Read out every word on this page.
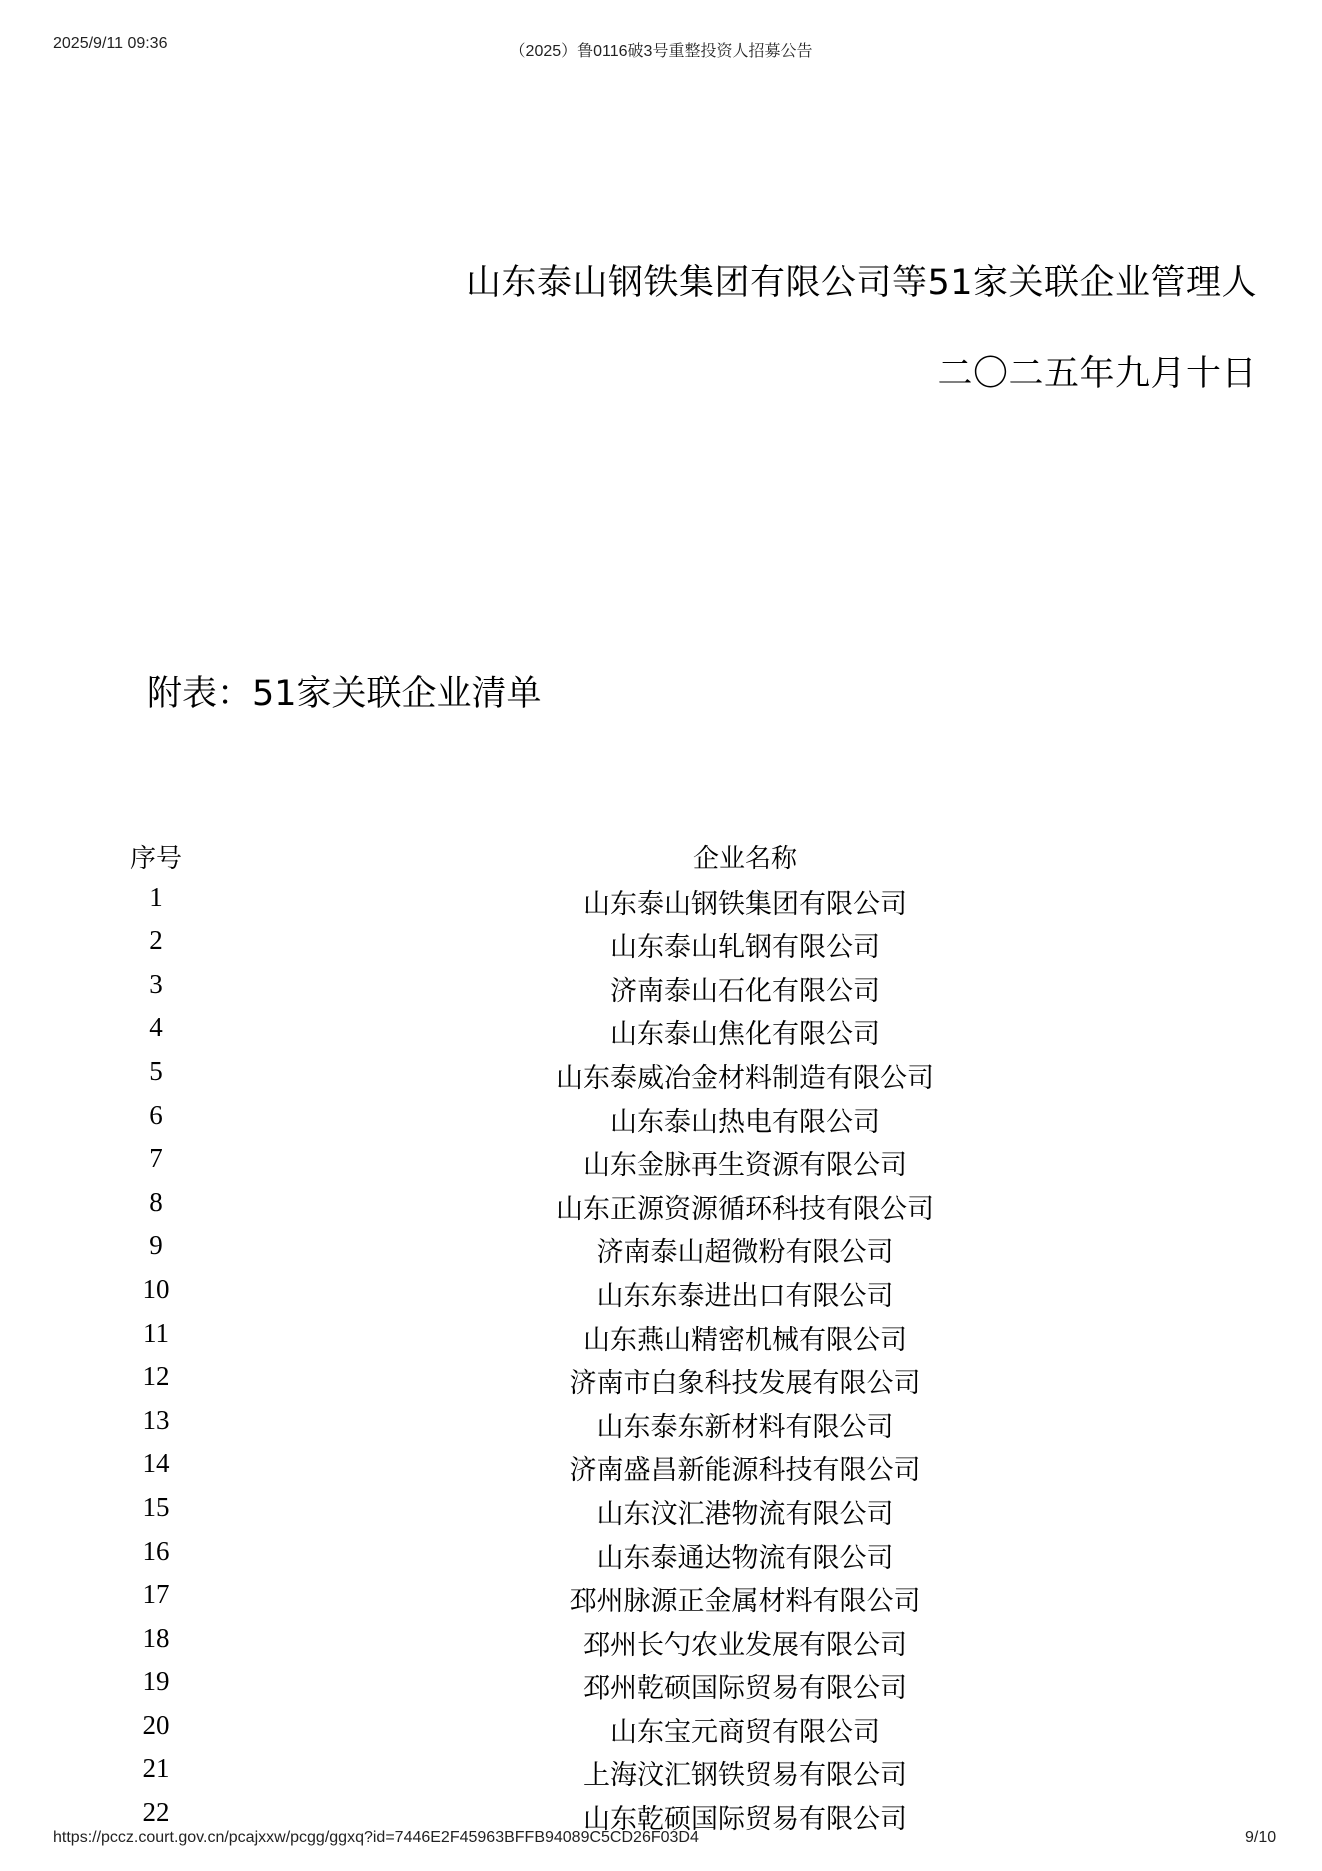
2025/9/11 09:36	（2025）鲁0116破3号重整投资人招募公告
山东泰山钢铁集团有限公司等51家关联企业管理人
二〇二五年九月十日
附表：51家关联企业清单
序号	企业名称
1	山东泰山钢铁集团有限公司
2	山东泰山轧钢有限公司
3	济南泰山石化有限公司
4	山东泰山焦化有限公司
5	山东泰威冶金材料制造有限公司
6	山东泰山热电有限公司
7	山东金脉再生资源有限公司
8	山东正源资源循环科技有限公司
9	济南泰山超微粉有限公司
10	山东东泰进出口有限公司
11	山东燕山精密机械有限公司
12	济南市白象科技发展有限公司
13	山东泰东新材料有限公司
14	济南盛昌新能源科技有限公司
15	山东汶汇港物流有限公司
16	山东泰通达物流有限公司
17	邳州脉源正金属材料有限公司
18	邳州长勺农业发展有限公司
19	邳州乾硕国际贸易有限公司
20	山东宝元商贸有限公司
21	上海汶汇钢铁贸易有限公司
22	山东乾硕国际贸易有限公司
https://pccz.court.gov.cn/pcajxxw/pcgg/ggxq?id=7446E2F45963BFFB94089C5CD26F03D4	9/10
